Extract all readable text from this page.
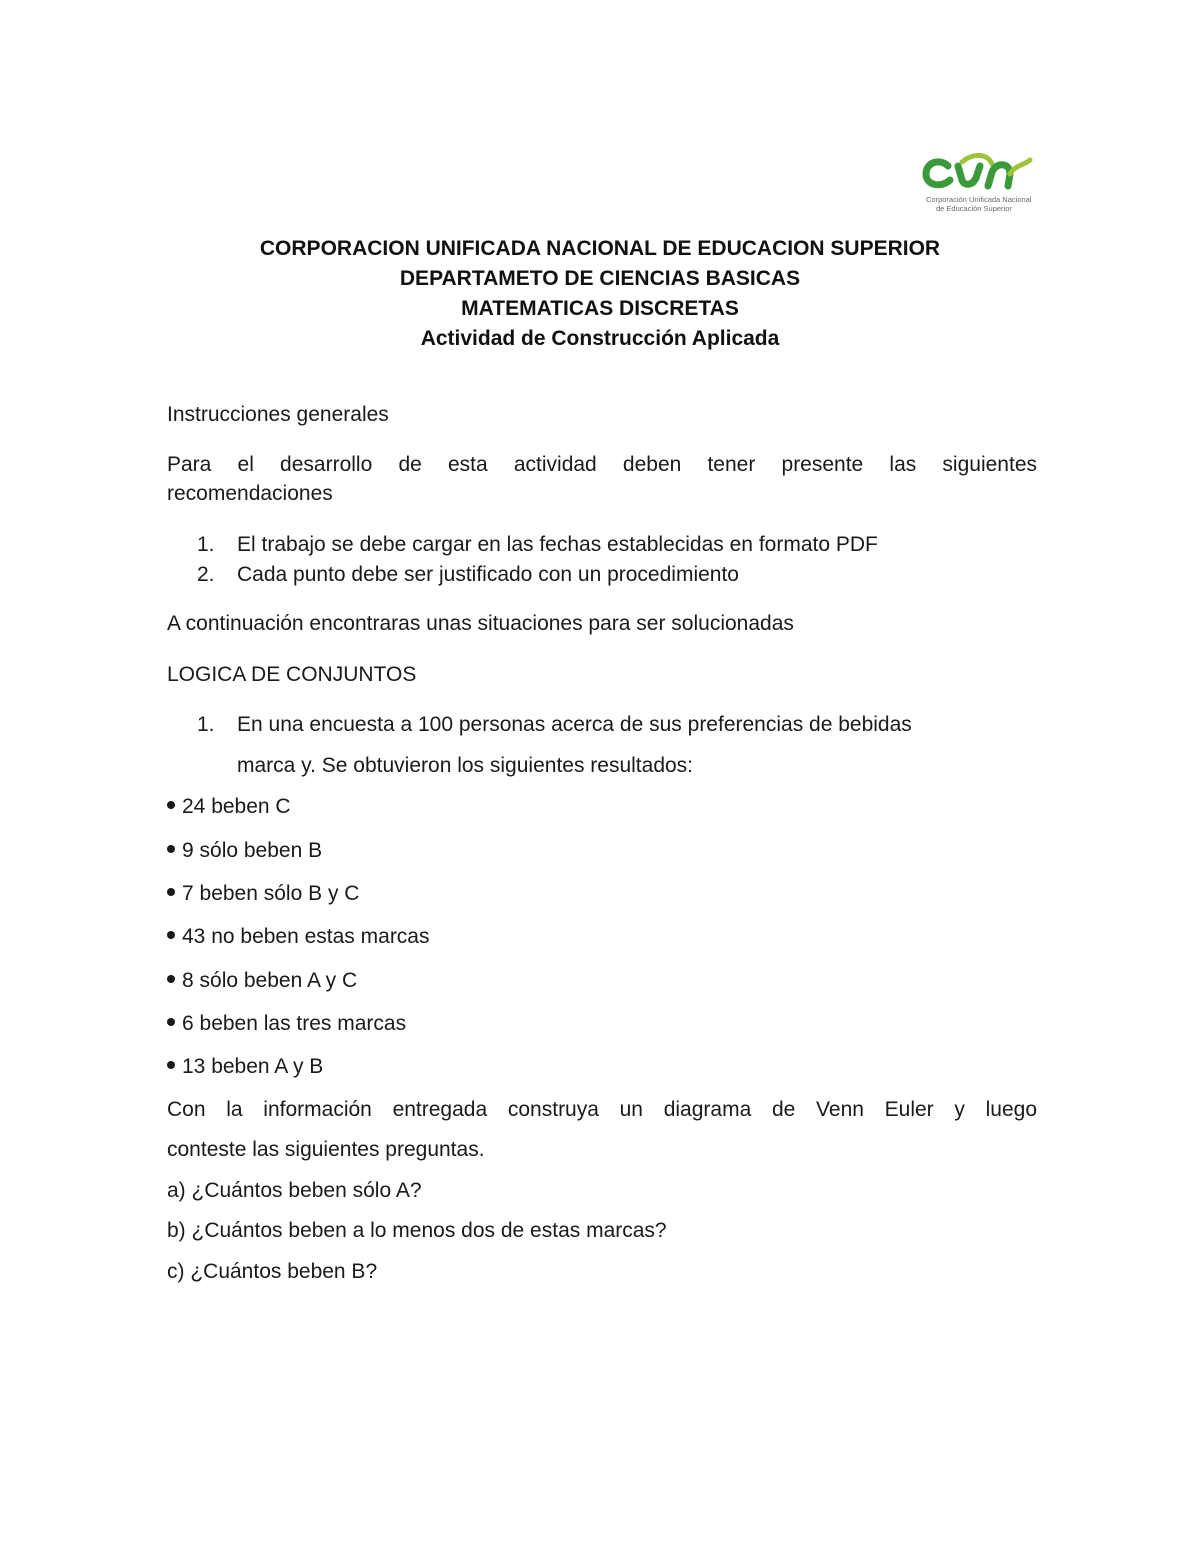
Corporación Unificada Nacional
de Educación Superior
CORPORACION UNIFICADA NACIONAL DE EDUCACION SUPERIOR
DEPARTAMETO DE CIENCIAS BASICAS
MATEMATICAS DISCRETAS
Actividad de Construcción Aplicada
Instrucciones generales
Para el desarrollo de esta actividad deben tener presente las siguientes
recomendaciones
1. El trabajo se debe cargar en las fechas establecidas en formato PDF
2. Cada punto debe ser justificado con un procedimiento
A continuación encontraras unas situaciones para ser solucionadas
LOGICA DE CONJUNTOS
1. En una encuesta a 100 personas acerca de sus preferencias de bebidas
marca y. Se obtuvieron los siguientes resultados:
24 beben C
9 sólo beben B
7 beben sólo B y C
43 no beben estas marcas
8 sólo beben A y C
6 beben las tres marcas
13 beben A y B
Con la información entregada construya un diagrama de Venn Euler y luego
conteste las siguientes preguntas.
a) ¿Cuántos beben sólo A?
b) ¿Cuántos beben a lo menos dos de estas marcas?
c) ¿Cuántos beben B?
